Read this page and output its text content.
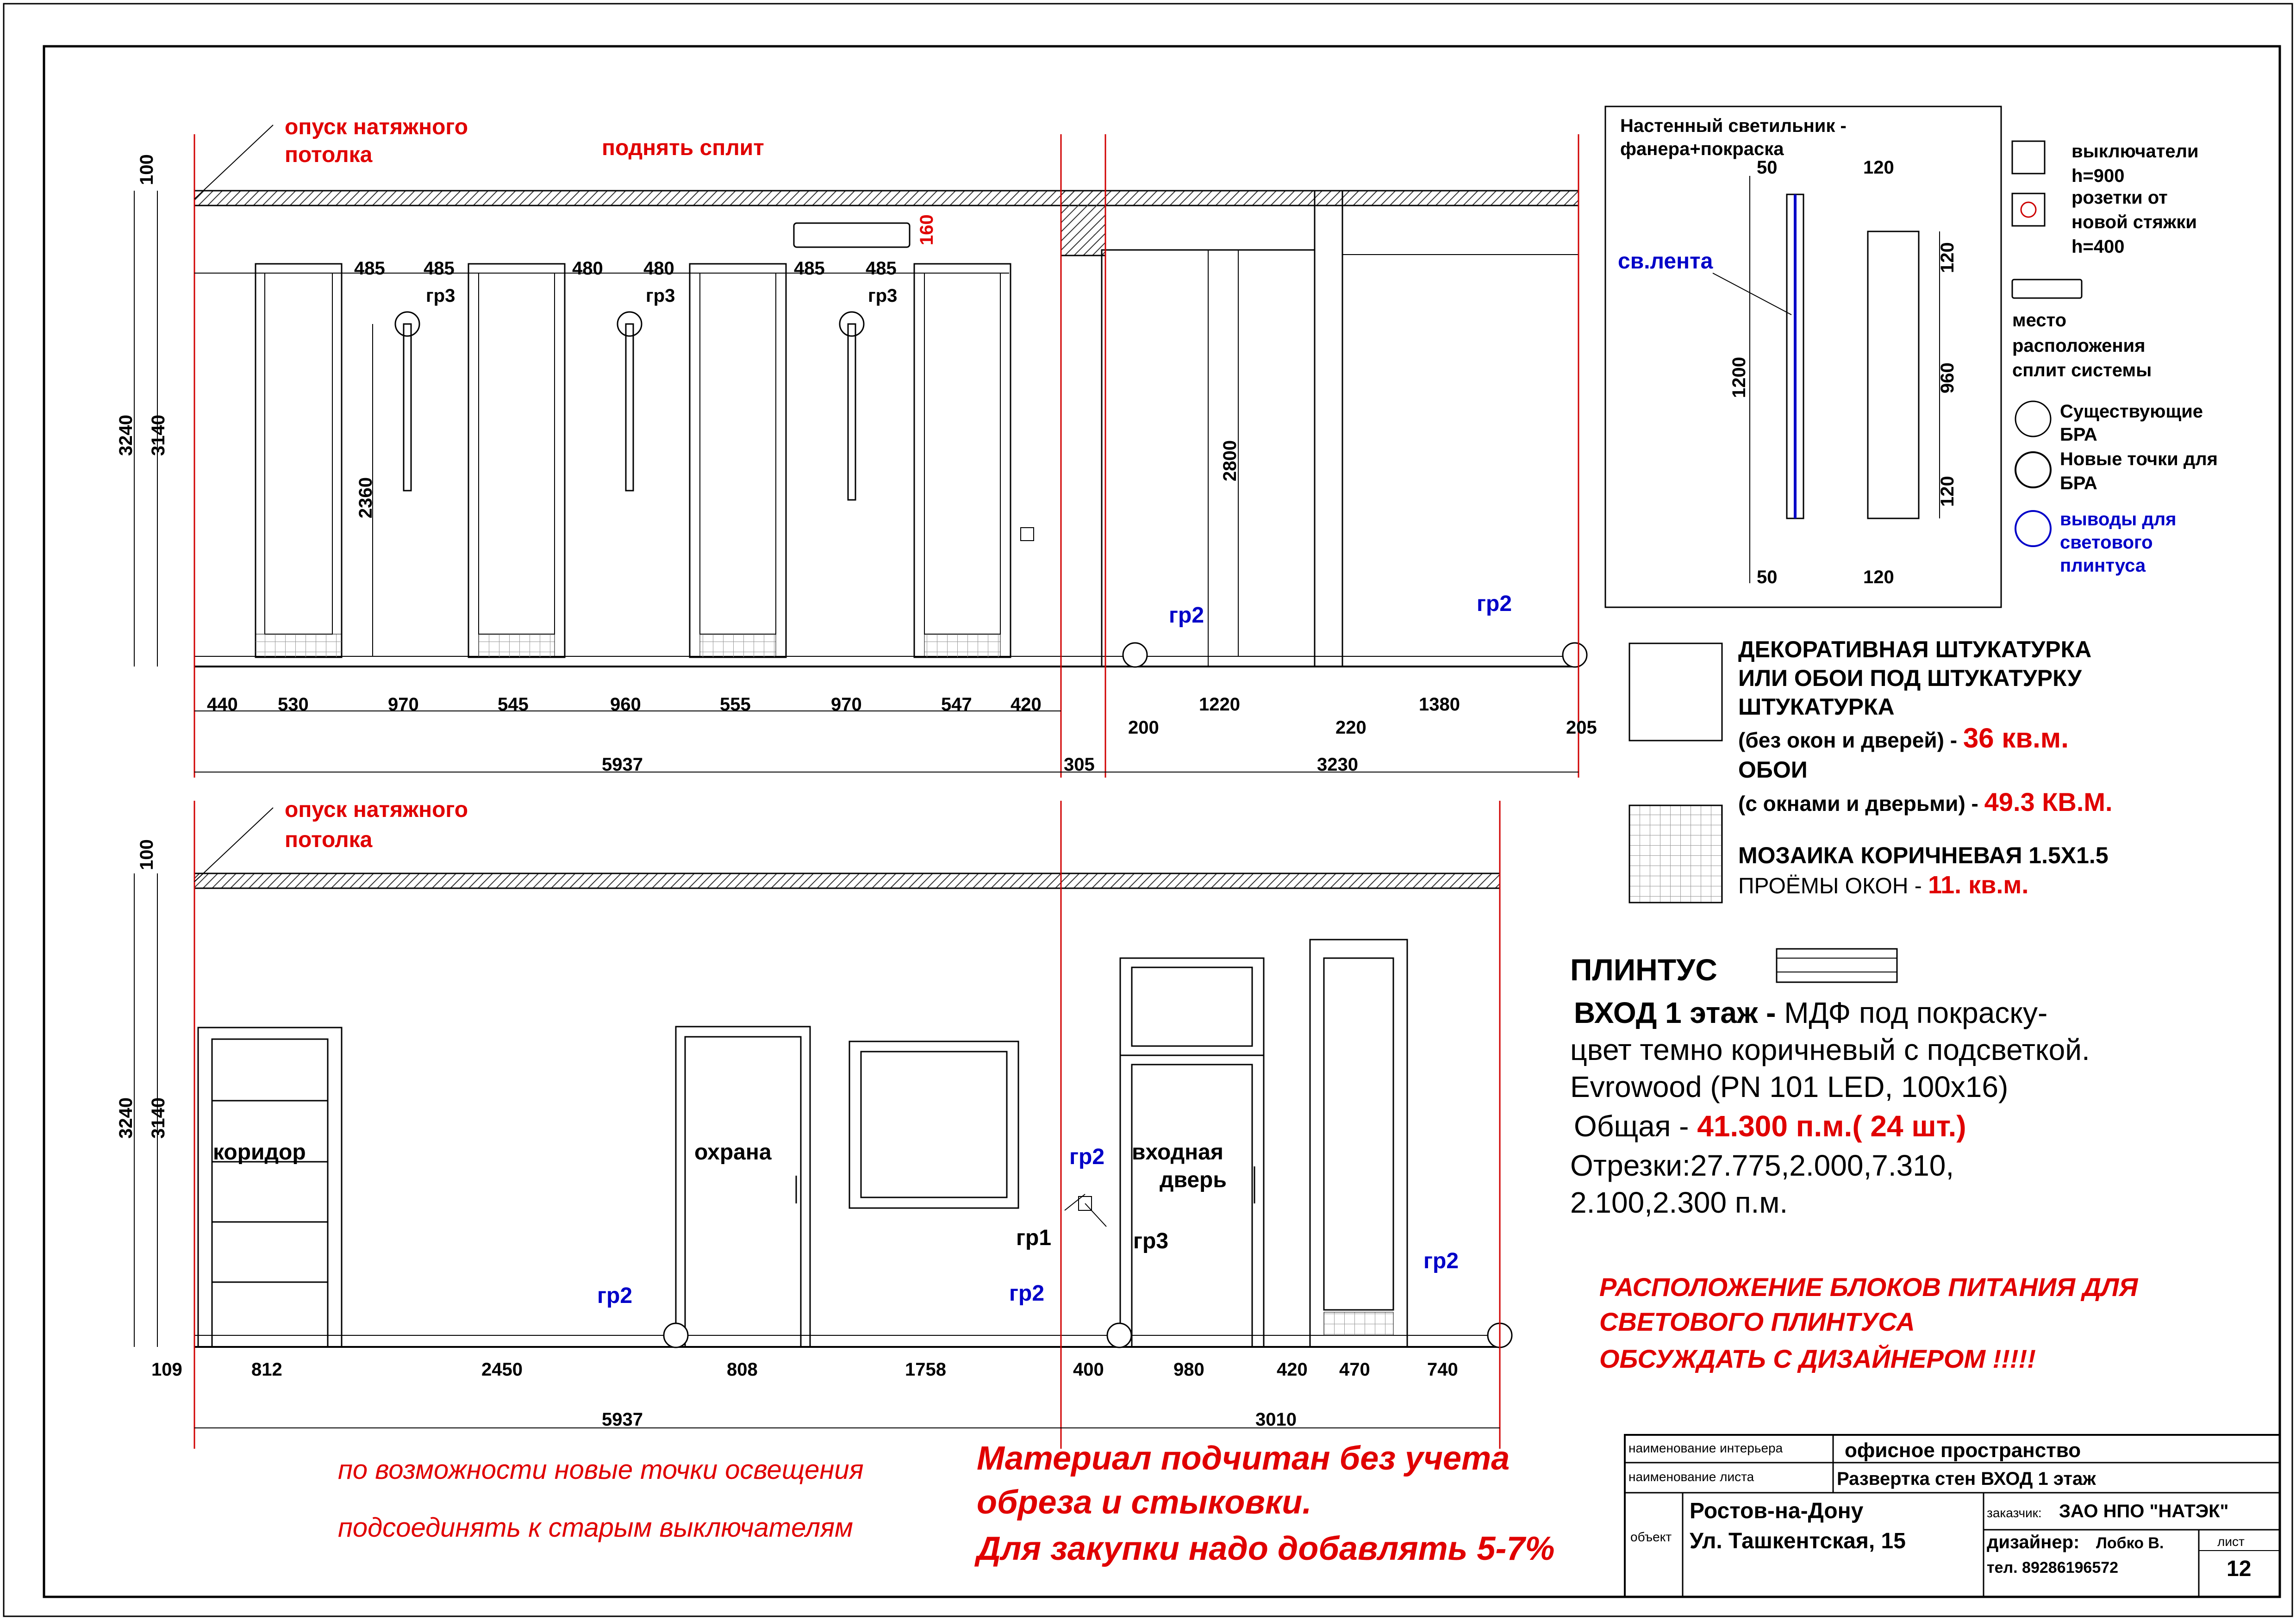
опуск натяжного
потолка	поднять сплит
160
100
3240 3140
2360
2800
485 485	480 480	485 485
гр3	гр3	гр3
гр2	гр2
440 530	970	545	960	555	970	547 420
200
1220
220
1380
205
5937	305	3230
опуск натяжного
потолка
100
3240 3140
коридор	охрана	входная
дверь
гр2
гр1	гр3
гр2	гр2
гр2
109	812	2450	808	1758	400	980	420 470	740
5937	3010
Настенный светильник -
фанера+покраска
св.лента
50	120
1200
120
960
120
50	120
выключатели
h=900
розетки от
новой стяжки
h=400
место
расположения
сплит системы
Существующие
БРА
Новые точки для
БРА
выводы для
светового
плинтуса
ДЕКОРАТИВНАЯ ШТУКАТУРКА
ИЛИ ОБОИ ПОД ШТУКАТУРКУ
ШТУКАТУРКА
(без окон и дверей) - 36 кв.м.
ОБОИ
(с окнами и дверьми) - 49.3 КВ.М.
МОЗАИКА КОРИЧНЕВАЯ 1.5Х1.5
ПРОЁМЫ ОКОН - 11. кв.м.
ПЛИНТУС
ВХОД 1 этаж - МДФ под покраску-
цвет темно коричневый с подсветкой.
Evrowood (PN 101 LED, 100x16)
Общая - 41.300 п.м.( 24 шт.)
Отрезки:27.775,2.000,7.310,
2.100,2.300 п.м.
РАСПОЛОЖЕНИЕ БЛОКОВ ПИТАНИЯ ДЛЯ
СВЕТОВОГО ПЛИНТУСА
ОБСУЖДАТЬ С ДИЗАЙНЕРОМ !!!!!
по возможности новые точки освещения
подсоединять к старым выключателям
Материал подчитан без учета
обреза и стыковки.
Для закупки надо добавлять 5-7%
наименование интерьера	офисное пространство
наименование листа	Развертка стен ВХОД 1 этаж
объект
Ростов-на-Дону
Ул. Ташкентская, 15
заказчик: ЗАО НПО "НАТЭК"
дизайнер: Лобко В.
тел. 89286196572
лист
12
